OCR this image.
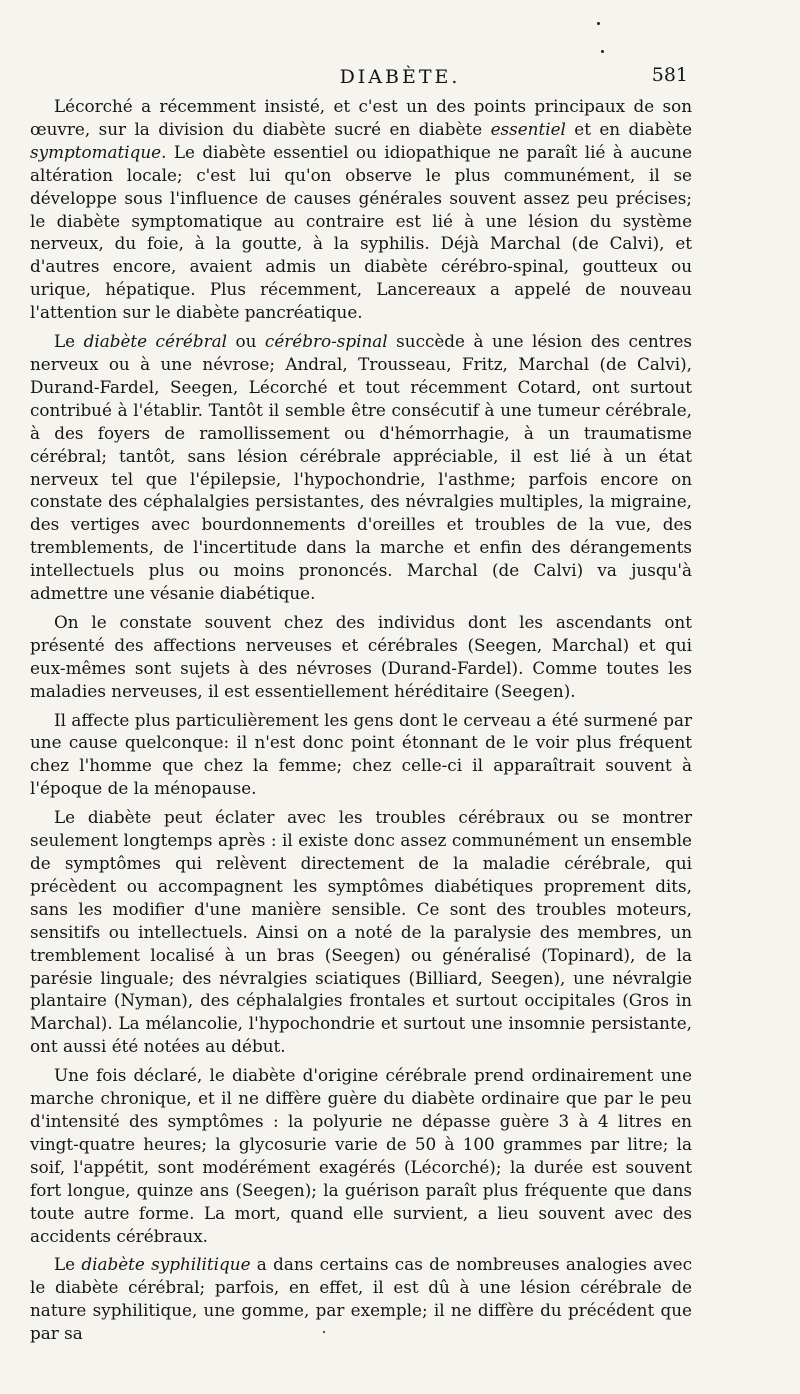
DIABÈTE.	581

Lécorché a récemment insisté, et c'est un des points principaux de son œuvre, sur la division du diabète sucré en diabète essentiel et en diabète symptomatique. Le diabète essentiel ou idiopathique ne paraît lié à aucune altération locale; c'est lui qu'on observe le plus communément, il se développe sous l'influence de causes générales souvent assez peu précises; le diabète symptomatique au contraire est lié à une lésion du système nerveux, du foie, à la goutte, à la syphilis. Déjà Marchal (de Calvi), et d'autres encore, avaient admis un diabète cérébro-spinal, goutteux ou urique, hépatique. Plus récemment, Lancereaux a appelé de nouveau l'attention sur le diabète pancréatique.

Le diabète cérébral ou cérébro-spinal succède à une lésion des centres nerveux ou à une névrose; Andral, Trousseau, Fritz, Marchal (de Calvi), Durand-Fardel, Seegen, Lécorché et tout récemment Cotard, ont surtout contribué à l'établir. Tantôt il semble être consécutif à une tumeur cérébrale, à des foyers de ramollissement ou d'hémorrhagie, à un traumatisme cérébral; tantôt, sans lésion cérébrale appréciable, il est lié à un état nerveux tel que l'épilepsie, l'hypochondrie, l'asthme; parfois encore on constate des céphalalgies persistantes, des névralgies multiples, la migraine, des vertiges avec bourdonnements d'oreilles et troubles de la vue, des tremblements, de l'incertitude dans la marche et enfin des dérangements intellectuels plus ou moins prononcés. Marchal (de Calvi) va jusqu'à admettre une vésanie diabétique.

On le constate souvent chez des individus dont les ascendants ont présenté des affections nerveuses et cérébrales (Seegen, Marchal) et qui eux-mêmes sont sujets à des névroses (Durand-Fardel). Comme toutes les maladies nerveuses, il est essentiellement héréditaire (Seegen).

Il affecte plus particulièrement les gens dont le cerveau a été surmené par une cause quelconque: il n'est donc point étonnant de le voir plus fréquent chez l'homme que chez la femme; chez celle-ci il apparaîtrait souvent à l'époque de la ménopause.

Le diabète peut éclater avec les troubles cérébraux ou se montrer seulement longtemps après : il existe donc assez communément un ensemble de symptômes qui relèvent directement de la maladie cérébrale, qui précèdent ou accompagnent les symptômes diabétiques proprement dits, sans les modifier d'une manière sensible. Ce sont des troubles moteurs, sensitifs ou intellectuels. Ainsi on a noté de la paralysie des membres, un tremblement localisé à un bras (Seegen) ou généralisé (Topinard), de la parésie linguale; des névralgies sciatiques (Billiard, Seegen), une névralgie plantaire (Nyman), des céphalalgies frontales et surtout occipitales (Gros in Marchal). La mélancolie, l'hypochondrie et surtout une insomnie persistante, ont aussi été notées au début.

Une fois déclaré, le diabète d'origine cérébrale prend ordinairement une marche chronique, et il ne diffère guère du diabète ordinaire que par le peu d'intensité des symptômes : la polyurie ne dépasse guère 3 à 4 litres en vingt-quatre heures; la glycosurie varie de 50 à 100 grammes par litre; la soif, l'appétit, sont modérément exagérés (Lécorché); la durée est souvent fort longue, quinze ans (Seegen); la guérison paraît plus fréquente que dans toute autre forme. La mort, quand elle survient, a lieu souvent avec des accidents cérébraux.

Le diabète syphilitique a dans certains cas de nombreuses analogies avec le diabète cérébral; parfois, en effet, il est dû à une lésion cérébrale de nature syphilitique, une gomme, par exemple; il ne diffère du précédent que par sa
